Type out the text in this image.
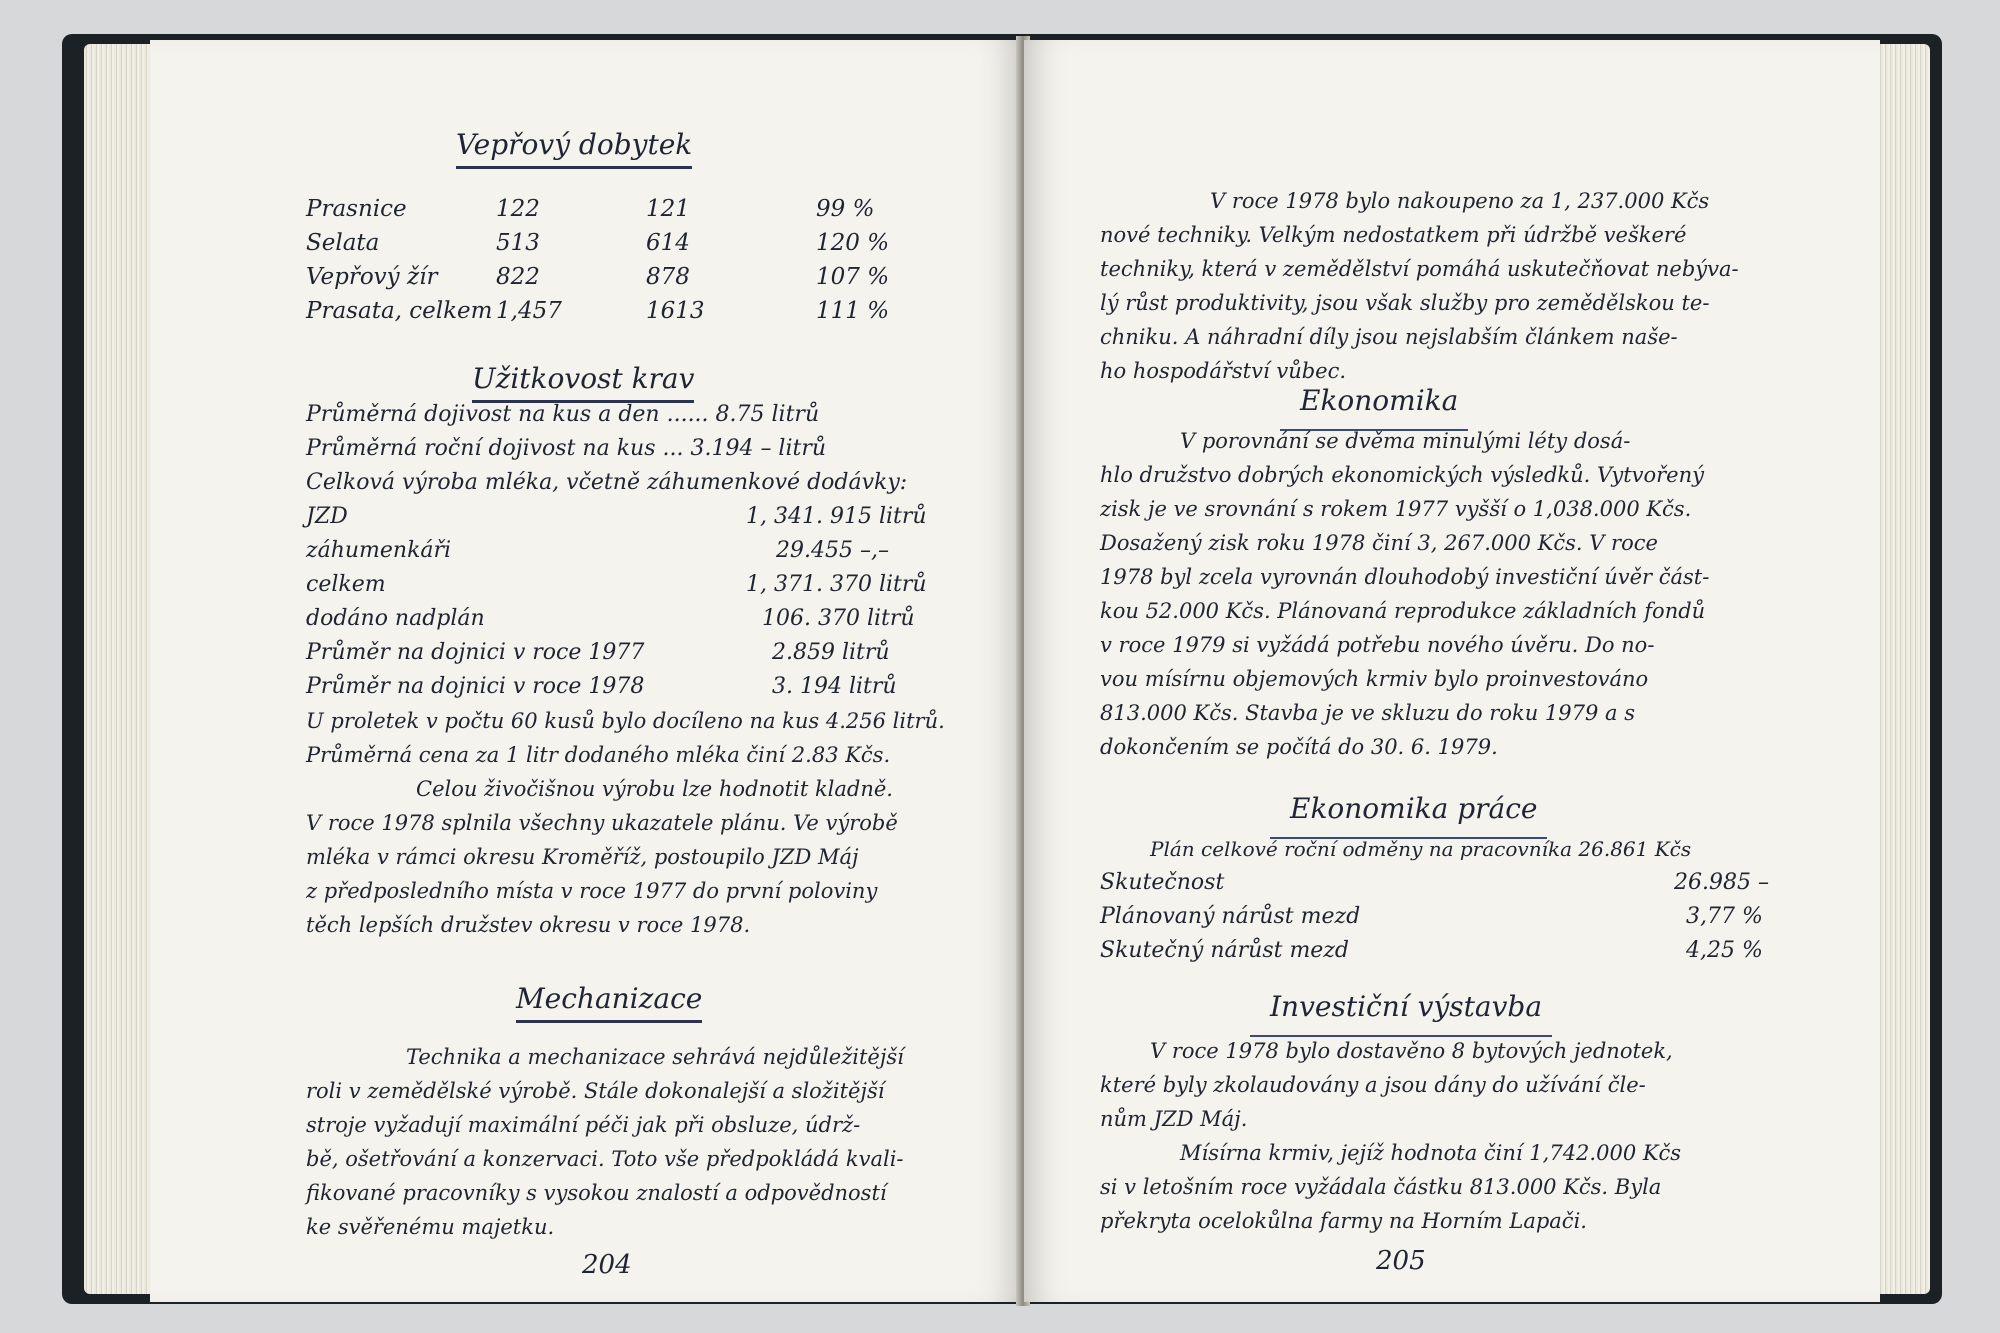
Vepřový dobytek
Prasnice	122	121	99 %
Selata	513	614	120 %
Vepřový žír	822	878	107 %
Prasata, celkem	1,457	1613	111 %
Užitkovost krav
Průměrná dojivost na kus a den ...... 8.75 litrů
Průměrná roční dojivost na kus ... 3.194 – litrů
Celková výroba mléka, včetně záhumenkové dodávky:
JZD	1, 341. 915 litrů
záhumenkáři	29.455 –,–
celkem	1, 371. 370 litrů
dodáno nadplán	106. 370 litrů
Průměr na dojnici v roce 1977	2.859 litrů
Průměr na dojnici v roce 1978	3. 194 litrů
U proletek v počtu 60 kusů bylo docíleno na kus 4.256 litrů.
Průměrná cena za 1 litr dodaného mléka činí 2.83 Kčs.
Celou živočišnou výrobu lze hodnotit kladně.
V roce 1978 splnila všechny ukazatele plánu. Ve výrobě
mléka v rámci okresu Kroměříž, postoupilo JZD Máj
z předposledního místa v roce 1977 do první poloviny
těch lepších družstev okresu v roce 1978.
Mechanizace
Technika a mechanizace sehrává nejdůležitější
roli v zemědělské výrobě. Stále dokonalejší a složitější
stroje vyžadují maximální péči jak při obsluze, údrž-
bě, ošetřování a konzervaci. Toto vše předpokládá kvali-
fikované pracovníky s vysokou znalostí a odpovědností
ke svěřenému majetku.
204
V roce 1978 bylo nakoupeno za 1, 237.000 Kčs
nové techniky. Velkým nedostatkem při údržbě veškeré
techniky, která v zemědělství pomáhá uskutečňovat nebýva-
lý růst produktivity, jsou však služby pro zemědělskou te-
chniku. A náhradní díly jsou nejslabším článkem naše-
ho hospodářství vůbec.
Ekonomika
V porovnání se dvěma minulými léty dosá-
hlo družstvo dobrých ekonomických výsledků. Vytvořený
zisk je ve srovnání s rokem 1977 vyšší o 1,038.000 Kčs.
Dosažený zisk roku 1978 činí 3, 267.000 Kčs. V roce
1978 byl zcela vyrovnán dlouhodobý investiční úvěr část-
kou 52.000 Kčs. Plánovaná reprodukce základních fondů
v roce 1979 si vyžádá potřebu nového úvěru. Do no-
vou mísírnu objemových krmiv bylo proinvestováno
813.000 Kčs. Stavba je ve skluzu do roku 1979 a s
dokončením se počítá do 30. 6. 1979.
Ekonomika práce
Plán celkové roční odměny na pracovníka 26.861 Kčs
Skutečnost	26.985 –
Plánovaný nárůst mezd	3,77 %
Skutečný nárůst mezd	4,25 %
Investiční výstavba
V roce 1978 bylo dostavěno 8 bytových jednotek,
které byly zkolaudovány a jsou dány do užívání čle-
nům JZD Máj.
Mísírna krmiv, jejíž hodnota činí 1,742.000 Kčs
si v letošním roce vyžádala částku 813.000 Kčs. Byla
překryta ocelokůlna farmy na Horním Lapači.
205
